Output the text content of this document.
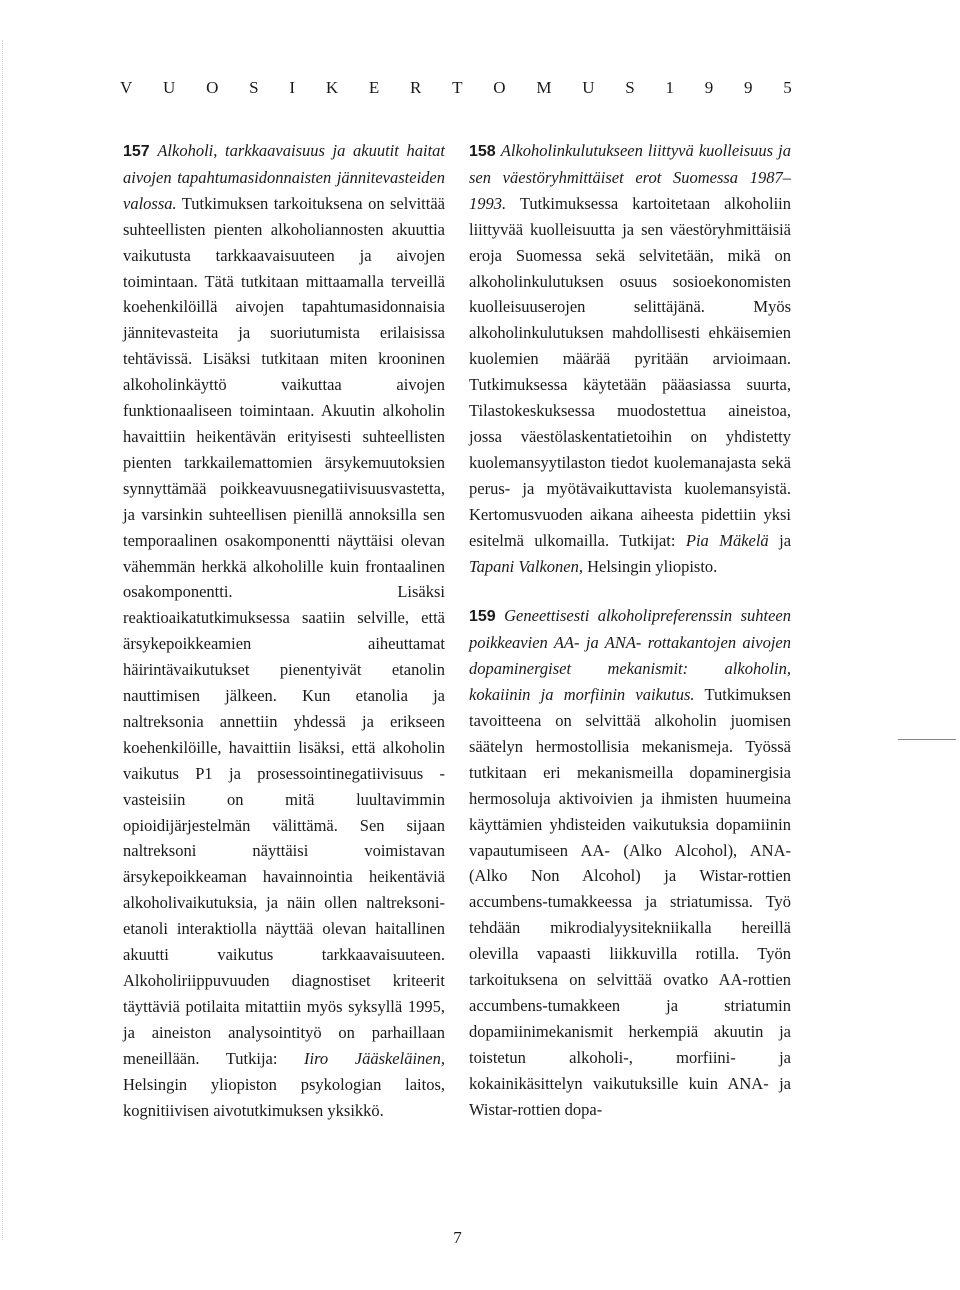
V U O S I K E R T O M U S 1 9 9 5

157 Alkoholi, tarkkaavaisuus ja akuutit haitat aivojen tapahtumasidonnaisten jännitevasteiden valossa. Tutkimuksen tarkoituksena on selvittää suhteellisten pienten alkoholiannosten akuuttia vaikutusta tarkkaavaisuuteen ja aivojen toimintaan. Tätä tutkitaan mittaamalla terveillä koehenkilöillä aivojen tapahtumasidonnaisia jännitevasteita ja suoriutumista erilaisissa tehtävissä. Lisäksi tutkitaan miten krooninen alkoholinkäyttö vaikuttaa aivojen funktionaaliseen toimintaan. Akuutin alkoholin havaittiin heikentävän erityisesti suhteellisten pienten tarkkailemattomien ärsykemuutoksien synnyttämää poikkeavuusnegatiivisuusvastetta, ja varsinkin suhteellisen pienillä annoksilla sen temporaalinen osakomponentti näyttäisi olevan vähemmän herkkä alkoholille kuin frontaalinen osakomponentti. Lisäksi reaktioaikatutkimuksessa saatiin selville, että ärsykepoikkeamien aiheuttamat häirintävaikutukset pienentyivät etanolin nauttimisen jälkeen. Kun etanolia ja naltreksonia annettiin yhdessä ja erikseen koehenkilöille, havaittiin lisäksi, että alkoholin vaikutus P1 ja prosessointinegatiivisuus -vasteisiin on mitä luultavimmin opioidijärjestelmän välittämä. Sen sijaan naltreksoni näyttäisi voimistavan ärsykepoikkeaman havainnointia heikentäviä alkoholivaikutuksia, ja näin ollen naltreksoni-etanoli interaktiolla näyttää olevan haitallinen akuutti vaikutus tarkkaavaisuuteen. Alkoholiriippuvuuden diagnostiset kriteerit täyttäviä potilaita mitattiin myös syksyllä 1995, ja aineiston analysointityö on parhaillaan meneillään. Tutkija: Iiro Jääskeläinen, Helsingin yliopiston psykologian laitos, kognitiivisen aivotutkimuksen yksikkö.

158 Alkoholinkulutukseen liittyvä kuolleisuus ja sen väestöryhmittäiset erot Suomessa 1987–1993. Tutkimuksessa kartoitetaan alkoholiin liittyvää kuolleisuutta ja sen väestöryhmittäisiä eroja Suomessa sekä selvitetään, mikä on alkoholinkulutuksen osuus sosioekonomisten kuolleisuuserojen selittäjänä. Myös alkoholinkulutuksen mahdollisesti ehkäisemien kuolemien määrää pyritään arvioimaan. Tutkimuksessa käytetään pääasiassa suurta, Tilastokeskuksessa muodostettua aineistoa, jossa väestölaskentatietoihin on yhdistetty kuolemansyytilaston tiedot kuolemanajasta sekä perus- ja myötävaikuttavista kuolemansyistä. Kertomusvuoden aikana aiheesta pidettiin yksi esitelmä ulkomailla. Tutkijat: Pia Mäkelä ja Tapani Valkonen, Helsingin yliopisto.

159 Geneettisesti alkoholipreferenssin suhteen poikkeavien AA- ja ANA- rottakantojen aivojen dopaminergiset mekanismit: alkoholin, kokaiinin ja morfiinin vaikutus. Tutkimuksen tavoitteena on selvittää alkoholin juomisen säätelyn hermostollisia mekanismeja. Työssä tutkitaan eri mekanismeilla dopaminergisia hermosoluja aktivoivien ja ihmisten huumeina käyttämien yhdisteiden vaikutuksia dopamiinin vapautumiseen AA- (Alko Alcohol), ANA- (Alko Non Alcohol) ja Wistar-rottien accumbens-tumakkeessa ja striatumissa. Työ tehdään mikrodialyysitekniikalla hereillä olevilla vapaasti liikkuvilla rotilla. Työn tarkoituksena on selvittää ovatko AA-rottien accumbens-tumakkeen ja striatumin dopamiinimekanismit herkempiä akuutin ja toistetun alkoholi-, morfiini- ja kokainikäsittelyn vaikutuksille kuin ANA- ja Wistar-rottien dopa-

7
